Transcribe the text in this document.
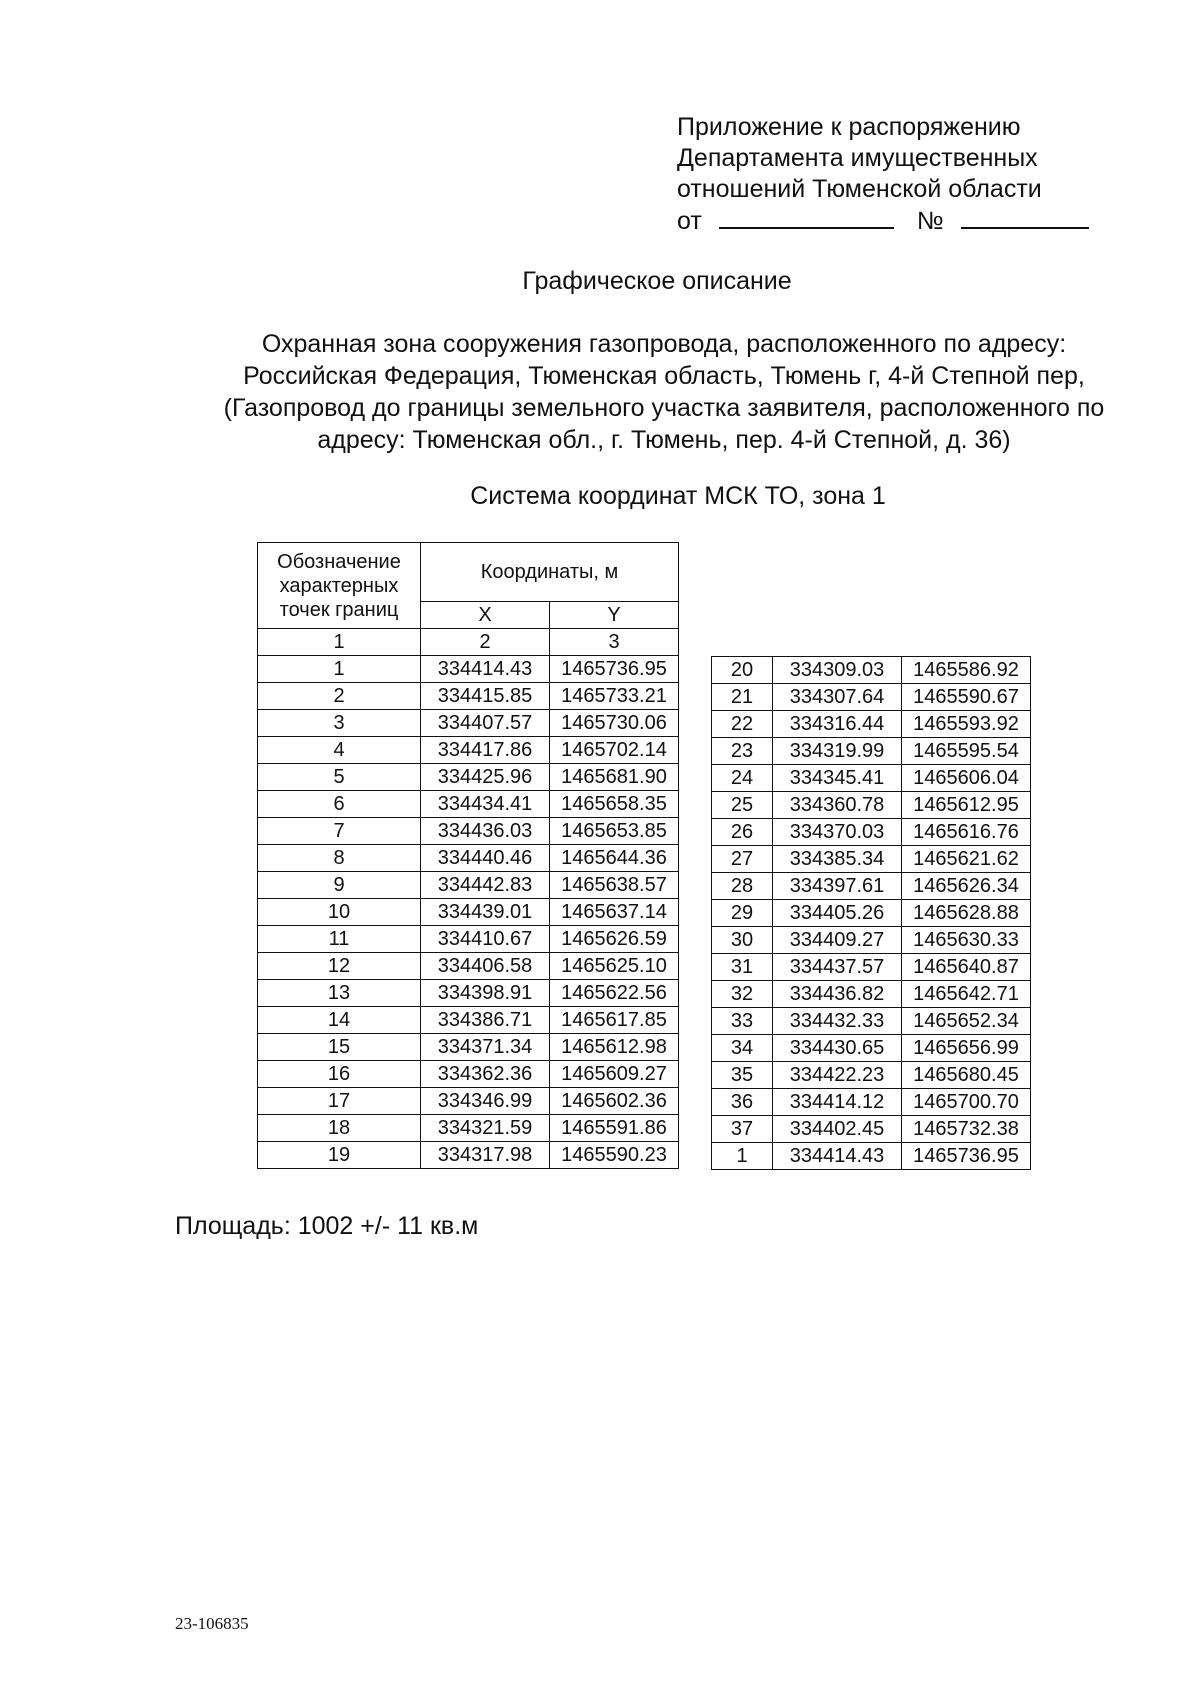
Приложение к распоряжению
Департамента имущественных
отношений Тюменской области
от	№
Графическое описание
Охранная зона сооружения газопровода, расположенного по адресу:
Российская Федерация, Тюменская область, Тюмень г, 4-й Степной пер,
(Газопровод до границы земельного участка заявителя, расположенного по
адресу: Тюменская обл., г. Тюмень, пер. 4-й Степной, д. 36)
Система координат МСК ТО, зона 1
Обозначение характерных точек границ	Координаты, м	
	X	Y
1	2	3
1	334414.43	1465736.95
2	334415.85	1465733.21
3	334407.57	1465730.06
4	334417.86	1465702.14
5	334425.96	1465681.90
6	334434.41	1465658.35
7	334436.03	1465653.85
8	334440.46	1465644.36
9	334442.83	1465638.57
10	334439.01	1465637.14
11	334410.67	1465626.59
12	334406.58	1465625.10
13	334398.91	1465622.56
14	334386.71	1465617.85
15	334371.34	1465612.98
16	334362.36	1465609.27
17	334346.99	1465602.36
18	334321.59	1465591.86
19	334317.98	1465590.23
20	334309.03	1465586.92
21	334307.64	1465590.67
22	334316.44	1465593.92
23	334319.99	1465595.54
24	334345.41	1465606.04
25	334360.78	1465612.95
26	334370.03	1465616.76
27	334385.34	1465621.62
28	334397.61	1465626.34
29	334405.26	1465628.88
30	334409.27	1465630.33
31	334437.57	1465640.87
32	334436.82	1465642.71
33	334432.33	1465652.34
34	334430.65	1465656.99
35	334422.23	1465680.45
36	334414.12	1465700.70
37	334402.45	1465732.38
1	334414.43	1465736.95
Площадь: 1002 +/- 11 кв.м
23-106835
